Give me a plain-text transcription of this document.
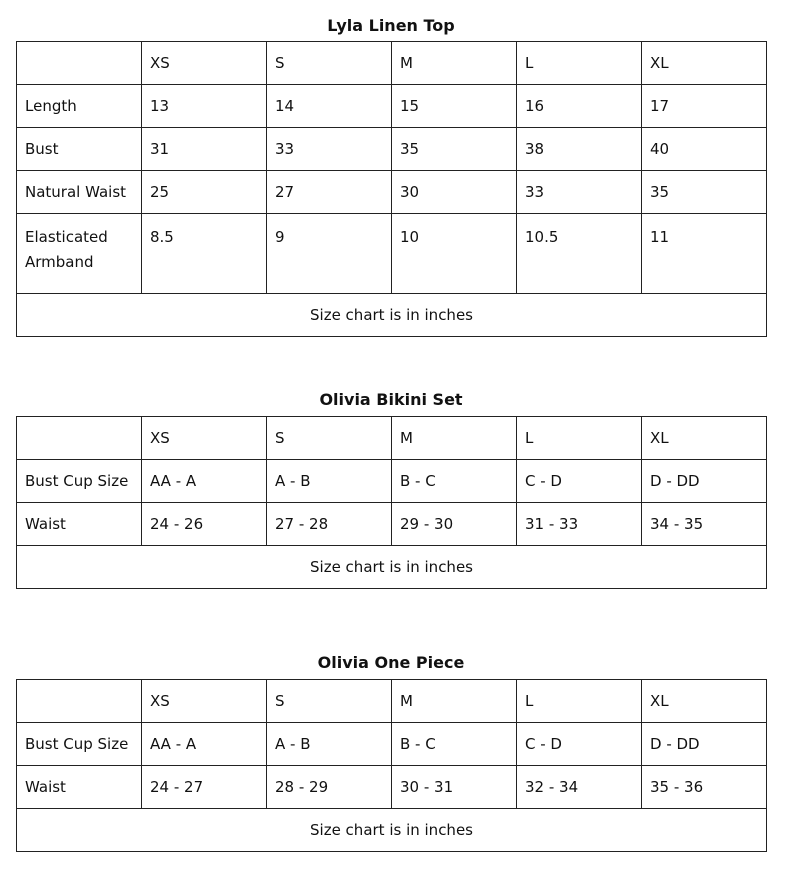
Lyla Linen Top
	XS	S	M	L	XL
Length	13	14	15	16	17
Bust	31	33	35	38	40
Natural Waist	25	27	30	33	35
Elasticated Armband	8.5	9	10	10.5	11
Size chart is in inches					
Olivia Bikini Set
	XS	S	M	L	XL
Bust Cup Size	AA - A	A - B	B - C	C - D	D - DD
Waist	24 - 26	27 - 28	29 - 30	31 - 33	34 - 35
Size chart is in inches					
Olivia One Piece
	XS	S	M	L	XL
Bust Cup Size	AA - A	A - B	B - C	C - D	D - DD
Waist	24 - 27	28 - 29	30 - 31	32 - 34	35 - 36
Size chart is in inches					
